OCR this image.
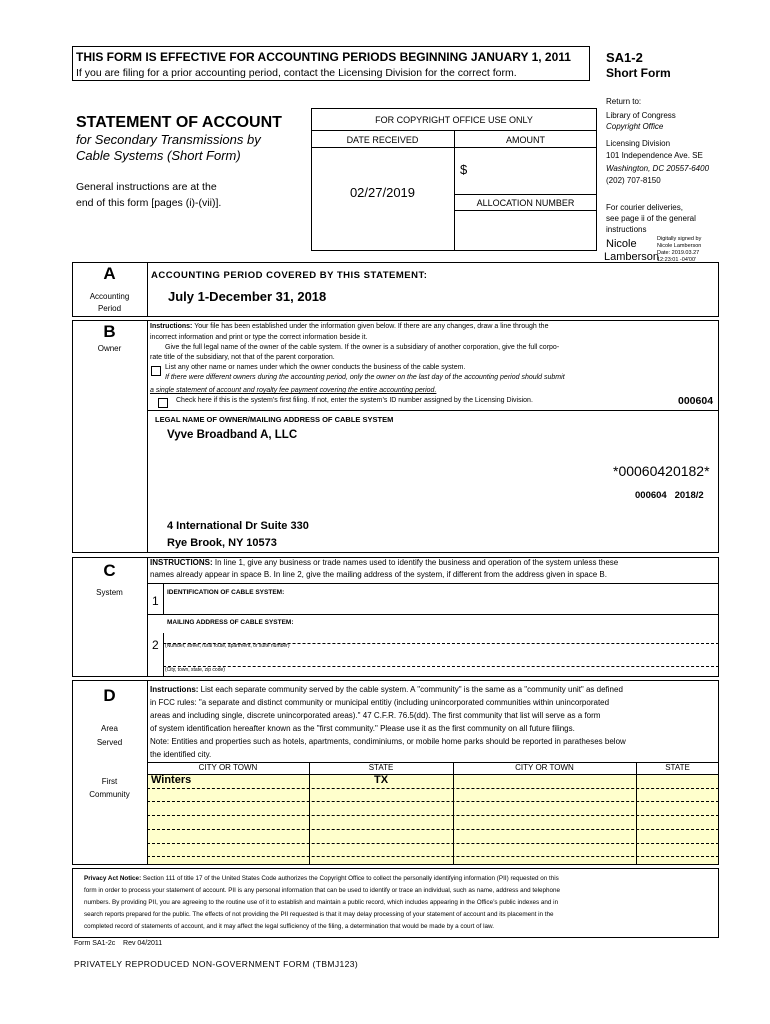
THIS FORM IS EFFECTIVE FOR ACCOUNTING PERIODS BEGINNING JANUARY 1, 2011
If you are filing for a prior accounting period, contact the Licensing Division for the correct form.
SA1-2
Short Form
Return to:
Library of Congress
Copyright Office
Licensing Division
101 Independence Ave. SE
Washington, DC 20557-6400
(202) 707-8150
For courier deliveries,
see page ii of the general
instructions
Nicole
Lamberson
Digitally signed by
Nicole Lamberson
Date: 2019.03.27
12:23:01 -04'00'
STATEMENT OF ACCOUNT
for Secondary Transmissions by
Cable Systems (Short Form)
General instructions are at the
end of this form [pages (i)-(vii)].
FOR COPYRIGHT OFFICE USE ONLY
DATE RECEIVED	AMOUNT
$
02/27/2019
ALLOCATION NUMBER
A
Accounting
Period
ACCOUNTING PERIOD COVERED BY THIS STATEMENT:
July 1-December 31, 2018
B
Owner
Instructions: Your file has been established under the information given below. If there are any changes, draw a line through the
incorrect information and print or type the correct information beside it.
Give the full legal name of the owner of the cable system. If the owner is a subsidiary of another corporation, give the full corpo-
rate title of the subsidiary, not that of the parent corporation.
List any other name or names under which the owner conducts the business of the cable system.
If there were different owners during the accounting period, only the owner on the last day of the accounting period should submit
a single statement of account and royalty fee payment covering the entire accounting period.
Check here if this is the system’s first filing. If not, enter the system’s ID number assigned by the Licensing Division.	000604
LEGAL NAME OF OWNER/MAILING ADDRESS OF CABLE SYSTEM
Vyve Broadband A, LLC
*00060420182*
000604   2018/2
4 International Dr Suite 330
Rye Brook, NY 10573
C
System
INSTRUCTIONS: In line 1, give any business or trade names used to identify the business and operation of the system unless these
names already appear in space B. In line 2, give the mailing address of the system, if different from the address given in space B.
1
IDENTIFICATION OF CABLE SYSTEM:
MAILING ADDRESS OF CABLE SYSTEM:
2 (Number, street, rural route, apartment, or suite number)
(City, town, state, zip code)
D
Area
Served
First
Community
Instructions: List each separate community served by the cable system. A "community" is the same as a "community unit" as defined
in FCC rules: "a separate and distinct community or municipal entitiy (including unincorporated communities within unincorporated
areas and including single, discrete unincorporated areas)." 47 C.F.R. 76.5(dd). The first community that list will serve as a form
of system identification hereafter known as the "first community." Please use it as the first community on all future filings.
Note: Entities and properties such as hotels, apartments, condiminiums, or mobile home parks should be reported in paratheses below
the identified city.
CITY OR TOWN	STATE	CITY OR TOWN	STATE
Winters	TX
Privacy Act Notice: Section 111 of title 17 of the United States Code authorizes the Copyright Office to collect the personally identifying information (PII) requested on this
form in order to process your statement of account. PII is any personal information that can be used to identify or trace an individual, such as name, address and telephone
numbers. By providing PII, you are agreeing to the routine use of it to establish and maintain a public record, which includes appearing in the Office’s public indexes and in
search reports prepared for the public. The effects of not providing the PII requested is that it may delay processing of your statement of account and its placement in the
completed record of statements of account, and it may affect the legal sufficiency of the filing, a determination that would be made by a court of law.
Form SA1-2c    Rev 04/2011
PRIVATELY REPRODUCED NON-GOVERNMENT FORM (TBMJ123)
